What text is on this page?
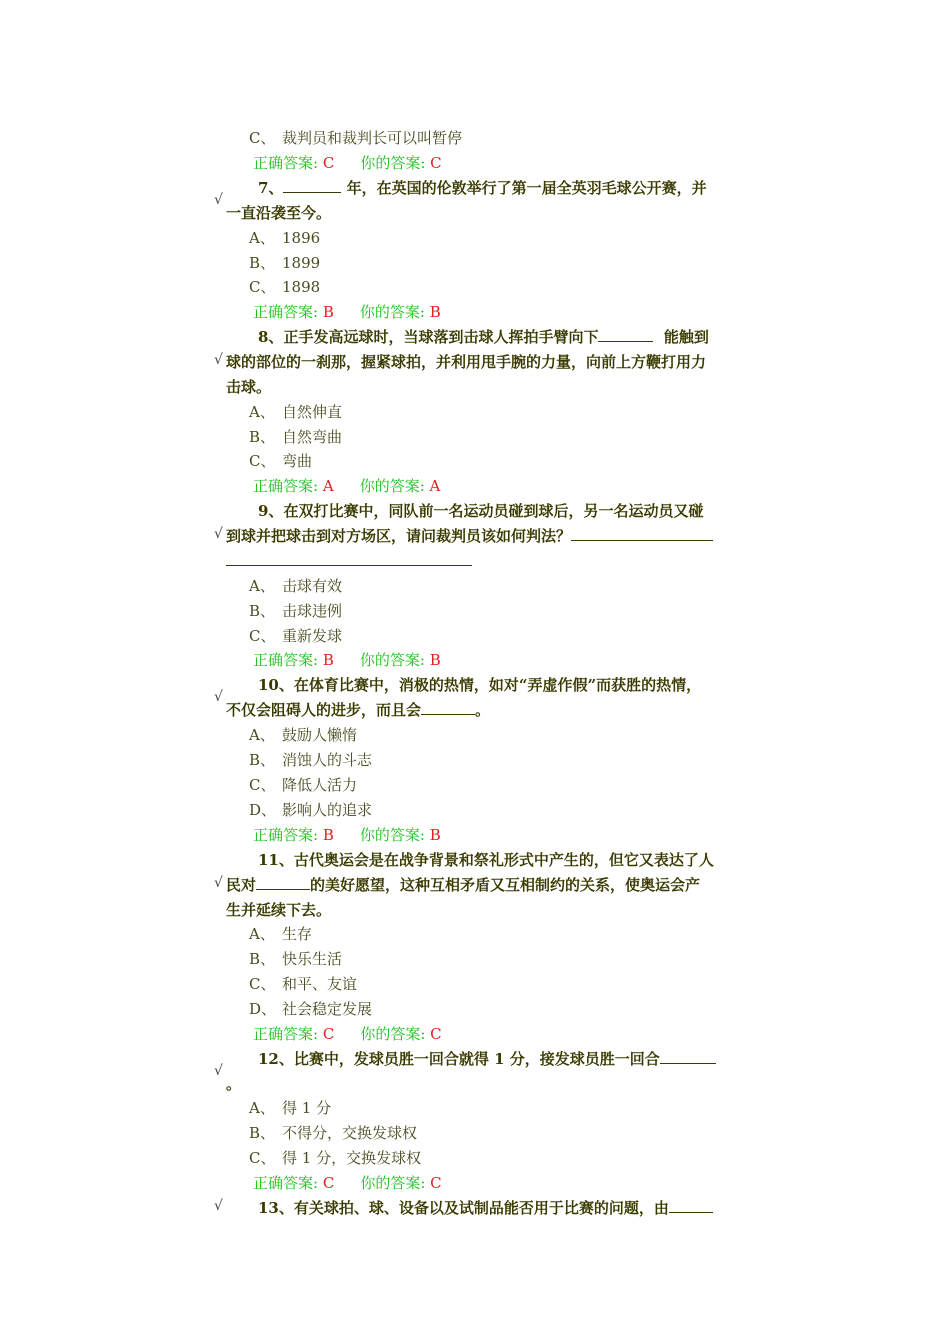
C、 裁判员和裁判长可以叫暂停
正确答案: C 你的答案: C
√
7、	年，在英国的伦敦举行了第一届全英羽毛球公开赛，并
一直沿袭至今。
A、 1896
B、 1899
C、 1898
正确答案: B 你的答案: B
√
8、正手发高远球时，当球落到击球人挥拍手臂向下	能触到
球的部位的一刹那，握紧球拍，并利用甩手腕的力量，向前上方鞭打用力
击球。
A、 自然伸直
B、 自然弯曲
C、 弯曲
正确答案: A 你的答案: A
√
9、在双打比赛中，同队前一名运动员碰到球后，另一名运动员又碰
到球并把球击到对方场区，请问裁判员该如何判法？
A、 击球有效
B、 击球违例
C、 重新发球
正确答案: B 你的答案: B
√
10、在体育比赛中，消极的热情，如对“弄虚作假”而获胜的热情，
不仅会阻碍人的进步，而且会	。
A、 鼓励人懒惰
B、 消蚀人的斗志
C、 降低人活力
D、 影响人的追求
正确答案: B 你的答案: B
√
11、古代奥运会是在战争背景和祭礼形式中产生的，但它又表达了人
民对	的美好愿望，这种互相矛盾又互相制约的关系，使奥运会产
生并延续下去。
A、 生存
B、 快乐生活
C、 和平、友谊
D、 社会稳定发展
正确答案: C 你的答案: C
√
12、比赛中，发球员胜一回合就得 1 分，接发球员胜一回合
。
A、 得 1 分
B、 不得分，交换发球权
C、 得 1 分，交换发球权
正确答案: C 你的答案: C
√ 13、有关球拍、球、设备以及试制品能否用于比赛的问题，由
